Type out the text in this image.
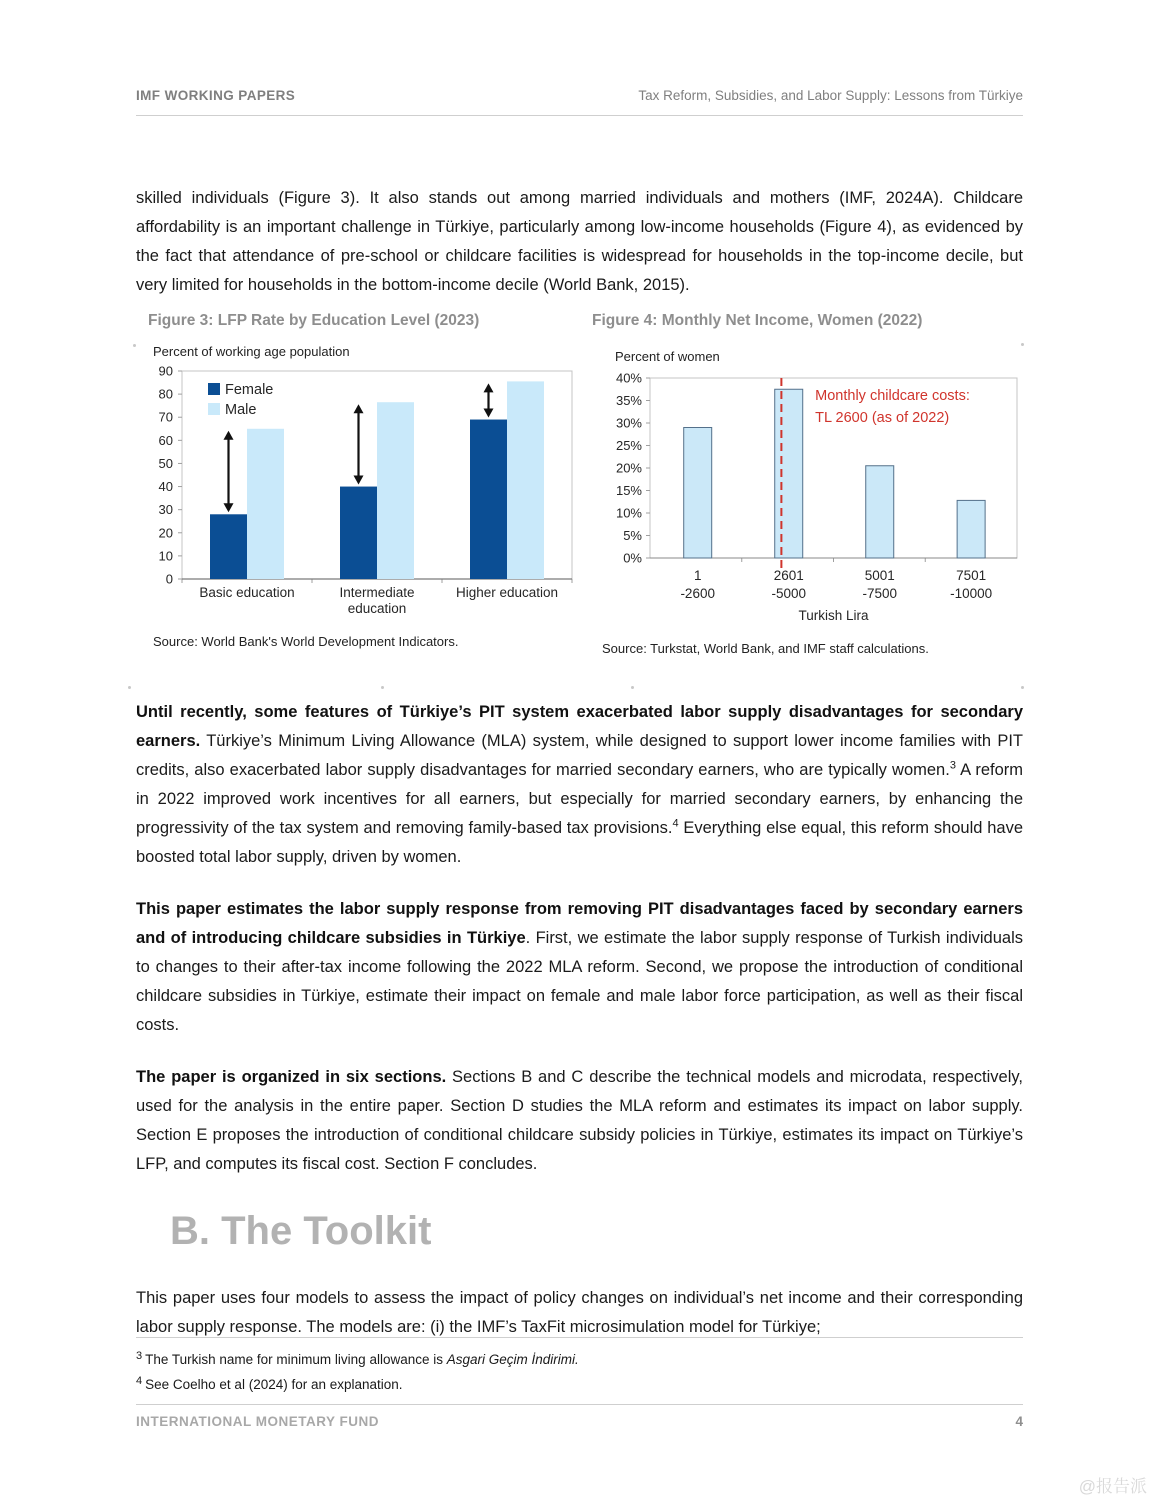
IMF WORKING PAPERS	Tax Reform, Subsidies, and Labor Supply: Lessons from Türkiye

skilled individuals (Figure 3). It also stands out among married individuals and mothers (IMF, 2024A). Childcare affordability is an important challenge in Türkiye, particularly among low-income households (Figure 4), as evidenced by the fact that attendance of pre-school or childcare facilities is widespread for households in the top-income decile, but very limited for households in the bottom-income decile (World Bank, 2015).

Figure 3: LFP Rate by Education Level (2023)

Percent of working age population

0
10
20
30
40
50
60
70
80
90
Basic education	Intermediate
education
Higher education
Female
Male

Source: World Bank's World Development Indicators.

Figure 4: Monthly Net Income, Women (2022)

Percent of women

0%
5%
10%
15%
20%
25%
30%
35%
40%
Monthly childcare costs:
TL 2600 (as of 2022)
1
-2600
2601
-5000
5001
-7500
7501
-10000
Turkish Lira

Source: Turkstat, World Bank, and IMF staff calculations.

Until recently, some features of Türkiye’s PIT system exacerbated labor supply disadvantages for secondary earners. Türkiye’s Minimum Living Allowance (MLA) system, while designed to support lower income families with PIT credits, also exacerbated labor supply disadvantages for married secondary earners, who are typically women.$^3$ A reform in 2022 improved work incentives for all earners, but especially for married secondary earners, by enhancing the progressivity of the tax system and removing family-based tax provisions.$^4$ Everything else equal, this reform should have boosted total labor supply, driven by women.

This paper estimates the labor supply response from removing PIT disadvantages faced by secondary earners and of introducing childcare subsidies in Türkiye. First, we estimate the labor supply response of Turkish individuals to changes to their after-tax income following the 2022 MLA reform. Second, we propose the introduction of conditional childcare subsidies in Türkiye, estimate their impact on female and male labor force participation, as well as their fiscal costs.

The paper is organized in six sections. Sections B and C describe the technical models and microdata, respectively, used for the analysis in the entire paper. Section D studies the MLA reform and estimates its impact on labor supply. Section E proposes the introduction of conditional childcare subsidy policies in Türkiye, estimates its impact on Türkiye’s LFP, and computes its fiscal cost. Section F concludes.

B. The Toolkit

This paper uses four models to assess the impact of policy changes on individual’s net income and their corresponding labor supply response. The models are: (i) the IMF’s TaxFit microsimulation model for Türkiye;

$^3$ The Turkish name for minimum living allowance is Asgari Geçim İndirimi.

$^4$ See Coelho et al (2024) for an explanation.

INTERNATIONAL MONETARY FUND	4
@报告派
